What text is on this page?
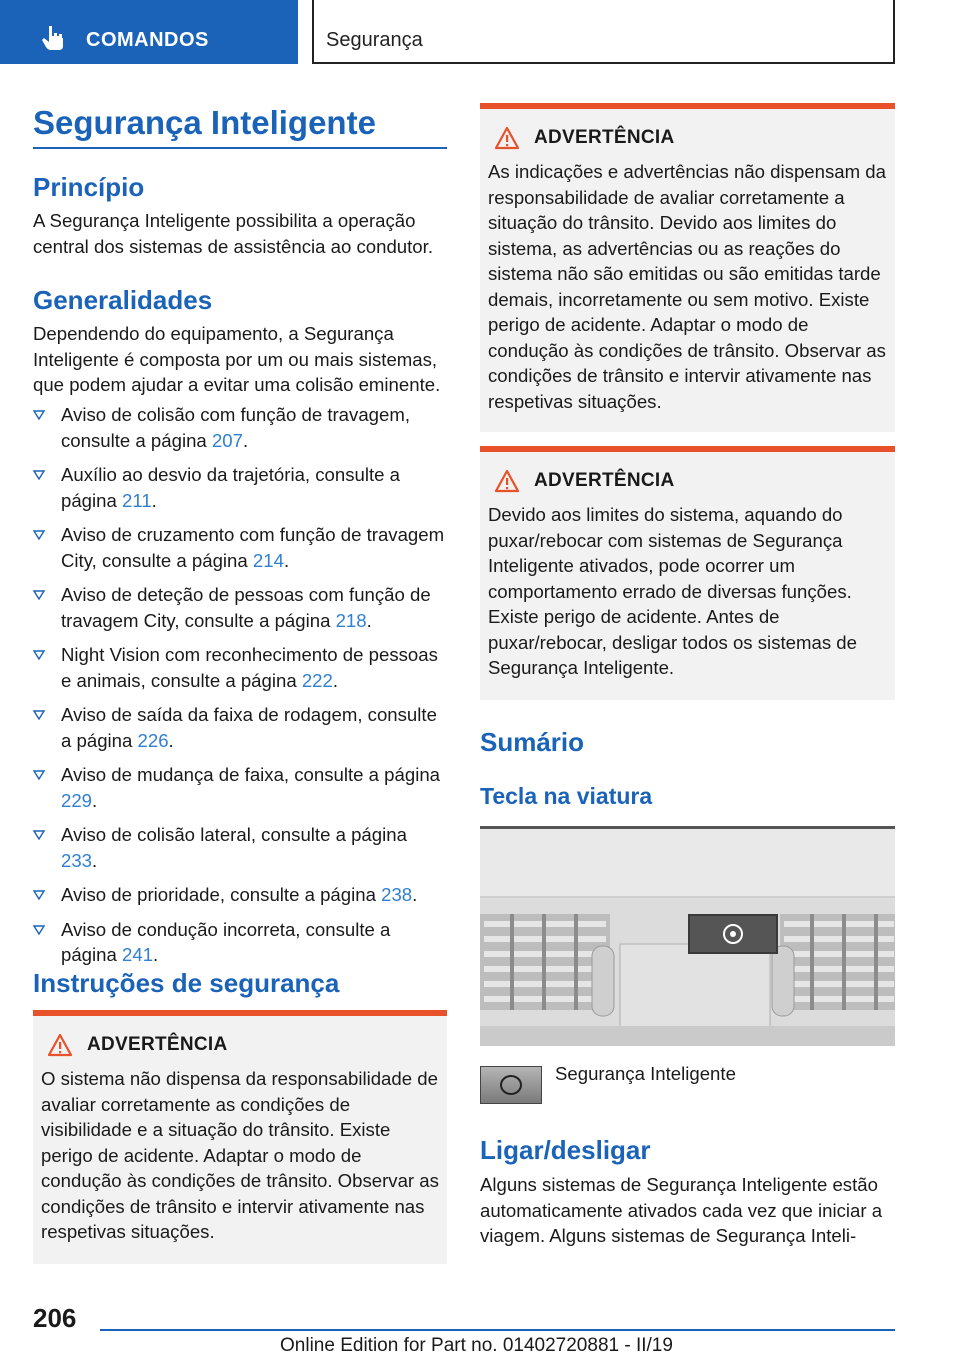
COMANDOS	Segurança
Segurança Inteligente
Princípio
A Segurança Inteligente possibilita a operação central dos sistemas de assistência ao condutor.
Generalidades
Dependendo do equipamento, a Segurança Inteligente é composta por um ou mais sistemas, que podem ajudar a evitar uma colisão eminente.
Aviso de colisão com função de travagem, consulte a página 207.
Auxílio ao desvio da trajetória, consulte a página 211.
Aviso de cruzamento com função de travagem City, consulte a página 214.
Aviso de deteção de pessoas com função de travagem City, consulte a página 218.
Night Vision com reconhecimento de pessoas e animais, consulte a página 222.
Aviso de saída da faixa de rodagem, consulte a página 226.
Aviso de mudança de faixa, consulte a página 229.
Aviso de colisão lateral, consulte a página 233.
Aviso de prioridade, consulte a página 238.
Aviso de condução incorreta, consulte a página 241.
Instruções de segurança
ADVERTÊNCIA
O sistema não dispensa da responsabilidade de avaliar corretamente as condições de visibilidade e a situação do trânsito. Existe perigo de acidente. Adaptar o modo de condução às condições de trânsito. Observar as condições de trânsito e intervir ativamente nas respetivas situações.
ADVERTÊNCIA
As indicações e advertências não dispensam da responsabilidade de avaliar corretamente a situação do trânsito. Devido aos limites do sistema, as advertências ou as reações do sistema não são emitidas ou são emitidas tarde demais, incorretamente ou sem motivo. Existe perigo de acidente. Adaptar o modo de condução às condições de trânsito. Observar as condições de trânsito e intervir ativamente nas respetivas situações.
ADVERTÊNCIA
Devido aos limites do sistema, aquando do puxar/rebocar com sistemas de Segurança Inteligente ativados, pode ocorrer um comportamento errado de diversas funções. Existe perigo de acidente. Antes de puxar/rebocar, desligar todos os sistemas de Segurança Inteligente.
Sumário
Tecla na viatura
Segurança Inteligente
Ligar/desligar
Alguns sistemas de Segurança Inteligente estão automaticamente ativados cada vez que iniciar a viagem. Alguns sistemas de Segurança Inteli-
206
Online Edition for Part no. 01402720881 - II/19
